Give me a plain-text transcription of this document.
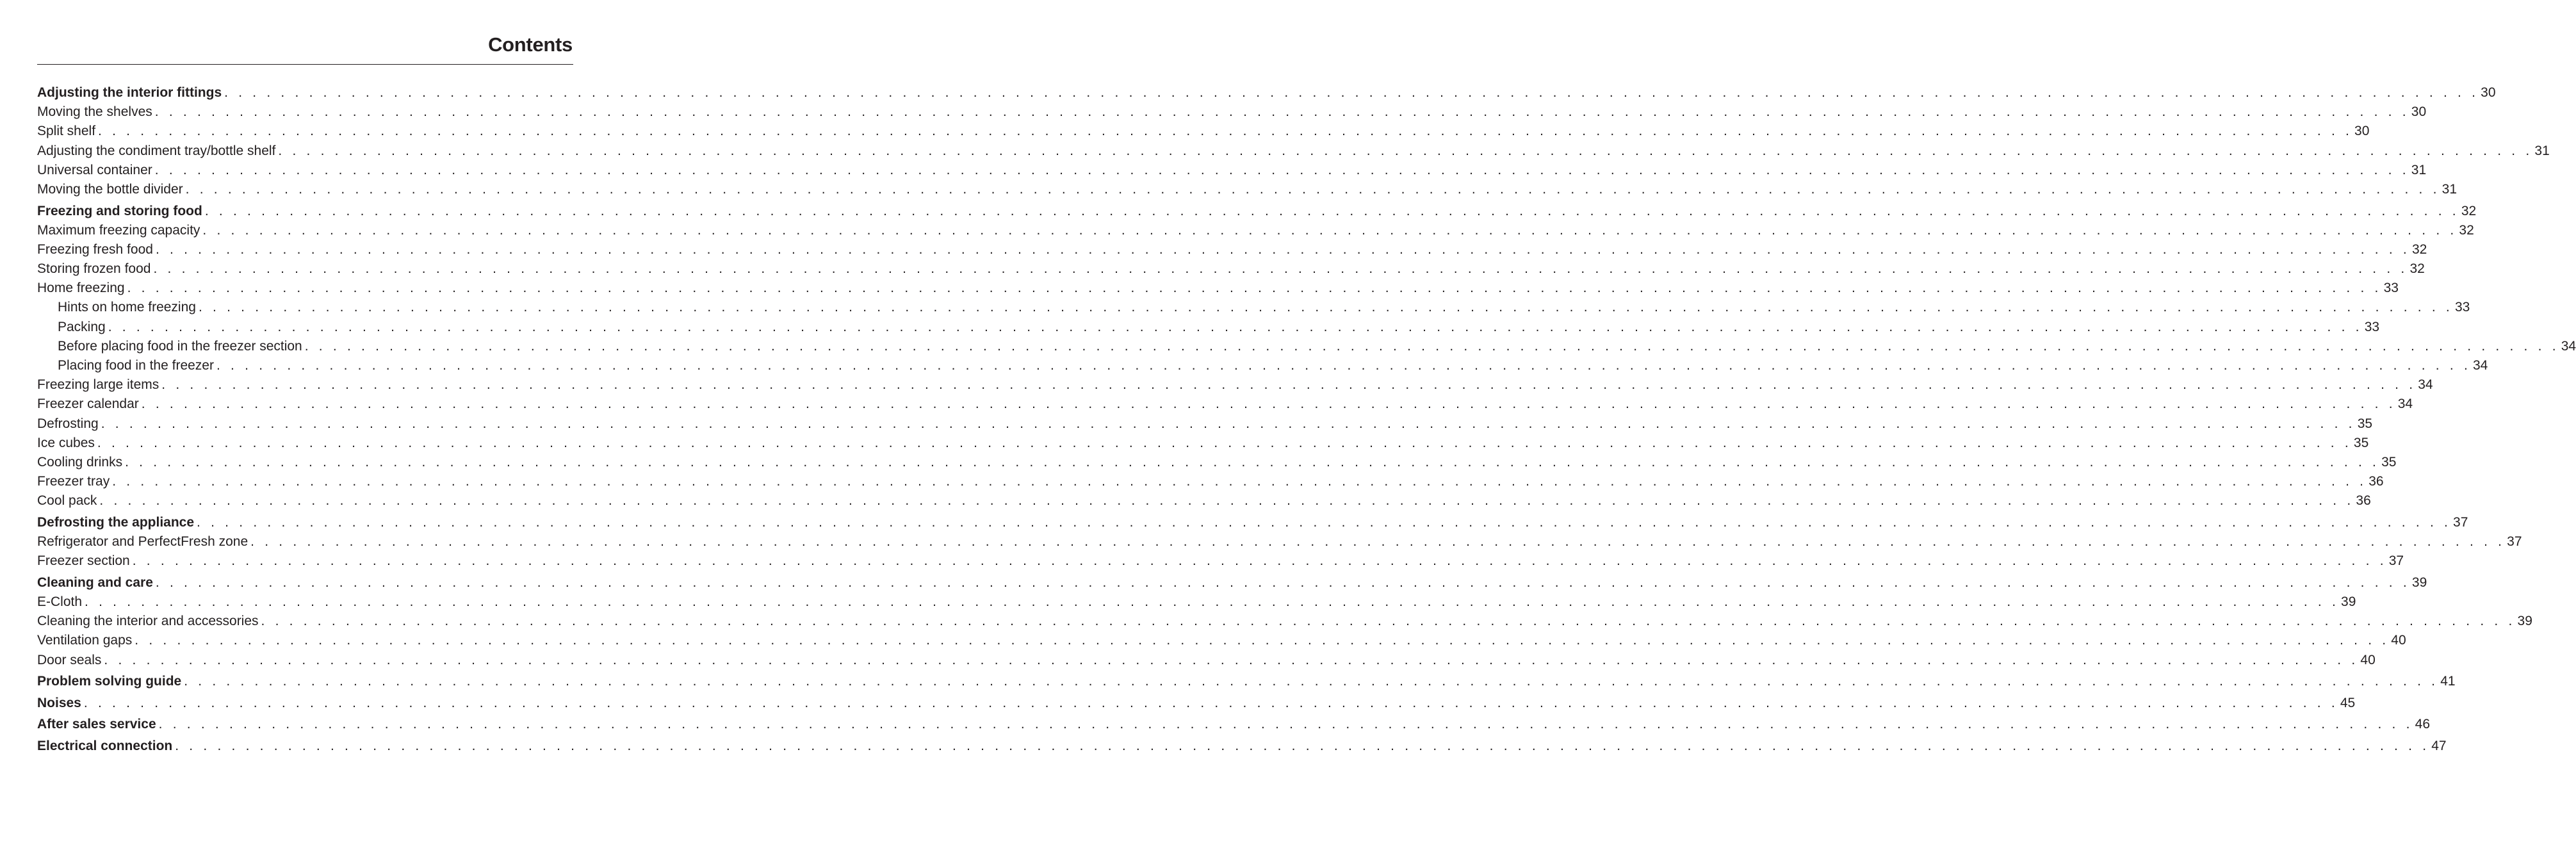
Contents
Adjusting the interior fittings . . . . . . . . . . . . . . . . . . . . . . . . . . . . . . . . . . . . . . . . . . . . . . . . . . . . . . . . . . . . . . . . . . . . . . . . . . . . . . . . . . . . . . . . . . . . . . . . . . . . . . . . . . . . . . . . . . . . . . . . . . . . . . . . . . . . . . . . . . . . . . . . . . . . . . . . . . . . . . . . 30
Moving the shelves . . . . . . . . . . . . . . . . . . . . . . . . . . . . . . . . . . . . . . . . . . . . . . . . . . . . . . . . . . . . . . . . . . . . . . . . . . . . . . . . . . . . . . . . . . . . . . . . . . . . . . . . . . . . . . . . . . . . . . . . . . . . . . . . . . . . . . . . . . . . . . . . . . . . . . . . . . . . . . . . 30
Split shelf . . . . . . . . . . . . . . . . . . . . . . . . . . . . . . . . . . . . . . . . . . . . . . . . . . . . . . . . . . . . . . . . . . . . . . . . . . . . . . . . . . . . . . . . . . . . . . . . . . . . . . . . . . . . . . . . . . . . . . . . . . . . . . . . . . . . . . . . . . . . . . . . . . . . . . . . . . . . . . . . 30
Adjusting the condiment tray/bottle shelf . . . . . . . . . . . . . . . . . . . . . . . . . . . . . . . . . . . . . . . . . . . . . . . . . . . . . . . . . . . . . . . . . . . . . . . . . . . . . . . . . . . . . . . . . . . . . . . . . . . . . . . . . . . . . . . . . . . . . . . . . . . . . . . . . . . . . . . . . . . . . . . . . . . . . . . . . . . . . . . . 31
Universal container . . . . . . . . . . . . . . . . . . . . . . . . . . . . . . . . . . . . . . . . . . . . . . . . . . . . . . . . . . . . . . . . . . . . . . . . . . . . . . . . . . . . . . . . . . . . . . . . . . . . . . . . . . . . . . . . . . . . . . . . . . . . . . . . . . . . . . . . . . . . . . . . . . . . . . . . . . . . . . . . 31
Moving the bottle divider . . . . . . . . . . . . . . . . . . . . . . . . . . . . . . . . . . . . . . . . . . . . . . . . . . . . . . . . . . . . . . . . . . . . . . . . . . . . . . . . . . . . . . . . . . . . . . . . . . . . . . . . . . . . . . . . . . . . . . . . . . . . . . . . . . . . . . . . . . . . . . . . . . . . . . . . . . . . . . . . 31
Freezing and storing food . . . . . . . . . . . . . . . . . . . . . . . . . . . . . . . . . . . . . . . . . . . . . . . . . . . . . . . . . . . . . . . . . . . . . . . . . . . . . . . . . . . . . . . . . . . . . . . . . . . . . . . . . . . . . . . . . . . . . . . . . . . . . . . . . . . . . . . . . . . . . . . . . . . . . . . . . . . . . . . . 32
Maximum freezing capacity . . . . . . . . . . . . . . . . . . . . . . . . . . . . . . . . . . . . . . . . . . . . . . . . . . . . . . . . . . . . . . . . . . . . . . . . . . . . . . . . . . . . . . . . . . . . . . . . . . . . . . . . . . . . . . . . . . . . . . . . . . . . . . . . . . . . . . . . . . . . . . . . . . . . . . . . . . . . . . . . 32
Freezing fresh food . . . . . . . . . . . . . . . . . . . . . . . . . . . . . . . . . . . . . . . . . . . . . . . . . . . . . . . . . . . . . . . . . . . . . . . . . . . . . . . . . . . . . . . . . . . . . . . . . . . . . . . . . . . . . . . . . . . . . . . . . . . . . . . . . . . . . . . . . . . . . . . . . . . . . . . . . . . . . . . . 32
Storing frozen food . . . . . . . . . . . . . . . . . . . . . . . . . . . . . . . . . . . . . . . . . . . . . . . . . . . . . . . . . . . . . . . . . . . . . . . . . . . . . . . . . . . . . . . . . . . . . . . . . . . . . . . . . . . . . . . . . . . . . . . . . . . . . . . . . . . . . . . . . . . . . . . . . . . . . . . . . . . . . . . . 32
Home freezing . . . . . . . . . . . . . . . . . . . . . . . . . . . . . . . . . . . . . . . . . . . . . . . . . . . . . . . . . . . . . . . . . . . . . . . . . . . . . . . . . . . . . . . . . . . . . . . . . . . . . . . . . . . . . . . . . . . . . . . . . . . . . . . . . . . . . . . . . . . . . . . . . . . . . . . . . . . . . . . . 33
Hints on home freezing . . . . . . . . . . . . . . . . . . . . . . . . . . . . . . . . . . . . . . . . . . . . . . . . . . . . . . . . . . . . . . . . . . . . . . . . . . . . . . . . . . . . . . . . . . . . . . . . . . . . . . . . . . . . . . . . . . . . . . . . . . . . . . . . . . . . . . . . . . . . . . . . . . . . . . . . . . . . . . . . 33
Packing . . . . . . . . . . . . . . . . . . . . . . . . . . . . . . . . . . . . . . . . . . . . . . . . . . . . . . . . . . . . . . . . . . . . . . . . . . . . . . . . . . . . . . . . . . . . . . . . . . . . . . . . . . . . . . . . . . . . . . . . . . . . . . . . . . . . . . . . . . . . . . . . . . . . . . . . . . . . . . . . 33
Before placing food in the freezer section . . . . . . . . . . . . . . . . . . . . . . . . . . . . . . . . . . . . . . . . . . . . . . . . . . . . . . . . . . . . . . . . . . . . . . . . . . . . . . . . . . . . . . . . . . . . . . . . . . . . . . . . . . . . . . . . . . . . . . . . . . . . . . . . . . . . . . . . . . . . . . . . . . . . . . . . . . . . . . . . 34
Placing food in the freezer . . . . . . . . . . . . . . . . . . . . . . . . . . . . . . . . . . . . . . . . . . . . . . . . . . . . . . . . . . . . . . . . . . . . . . . . . . . . . . . . . . . . . . . . . . . . . . . . . . . . . . . . . . . . . . . . . . . . . . . . . . . . . . . . . . . . . . . . . . . . . . . . . . . . . . . . . . . . . . . . 34
Freezing large items . . . . . . . . . . . . . . . . . . . . . . . . . . . . . . . . . . . . . . . . . . . . . . . . . . . . . . . . . . . . . . . . . . . . . . . . . . . . . . . . . . . . . . . . . . . . . . . . . . . . . . . . . . . . . . . . . . . . . . . . . . . . . . . . . . . . . . . . . . . . . . . . . . . . . . . . . . . . . . . . 34
Freezer calendar . . . . . . . . . . . . . . . . . . . . . . . . . . . . . . . . . . . . . . . . . . . . . . . . . . . . . . . . . . . . . . . . . . . . . . . . . . . . . . . . . . . . . . . . . . . . . . . . . . . . . . . . . . . . . . . . . . . . . . . . . . . . . . . . . . . . . . . . . . . . . . . . . . . . . . . . . . . . . . . . 34
Defrosting . . . . . . . . . . . . . . . . . . . . . . . . . . . . . . . . . . . . . . . . . . . . . . . . . . . . . . . . . . . . . . . . . . . . . . . . . . . . . . . . . . . . . . . . . . . . . . . . . . . . . . . . . . . . . . . . . . . . . . . . . . . . . . . . . . . . . . . . . . . . . . . . . . . . . . . . . . . . . . . . 35
Ice cubes . . . . . . . . . . . . . . . . . . . . . . . . . . . . . . . . . . . . . . . . . . . . . . . . . . . . . . . . . . . . . . . . . . . . . . . . . . . . . . . . . . . . . . . . . . . . . . . . . . . . . . . . . . . . . . . . . . . . . . . . . . . . . . . . . . . . . . . . . . . . . . . . . . . . . . . . . . . . . . . . 35
Cooling drinks . . . . . . . . . . . . . . . . . . . . . . . . . . . . . . . . . . . . . . . . . . . . . . . . . . . . . . . . . . . . . . . . . . . . . . . . . . . . . . . . . . . . . . . . . . . . . . . . . . . . . . . . . . . . . . . . . . . . . . . . . . . . . . . . . . . . . . . . . . . . . . . . . . . . . . . . . . . . . . . . 35
Freezer tray . . . . . . . . . . . . . . . . . . . . . . . . . . . . . . . . . . . . . . . . . . . . . . . . . . . . . . . . . . . . . . . . . . . . . . . . . . . . . . . . . . . . . . . . . . . . . . . . . . . . . . . . . . . . . . . . . . . . . . . . . . . . . . . . . . . . . . . . . . . . . . . . . . . . . . . . . . . . . . . . 36
Cool pack . . . . . . . . . . . . . . . . . . . . . . . . . . . . . . . . . . . . . . . . . . . . . . . . . . . . . . . . . . . . . . . . . . . . . . . . . . . . . . . . . . . . . . . . . . . . . . . . . . . . . . . . . . . . . . . . . . . . . . . . . . . . . . . . . . . . . . . . . . . . . . . . . . . . . . . . . . . . . . . . 36
Defrosting the appliance . . . . . . . . . . . . . . . . . . . . . . . . . . . . . . . . . . . . . . . . . . . . . . . . . . . . . . . . . . . . . . . . . . . . . . . . . . . . . . . . . . . . . . . . . . . . . . . . . . . . . . . . . . . . . . . . . . . . . . . . . . . . . . . . . . . . . . . . . . . . . . . . . . . . . . . . . . . . . . . . 37
Refrigerator and PerfectFresh zone . . . . . . . . . . . . . . . . . . . . . . . . . . . . . . . . . . . . . . . . . . . . . . . . . . . . . . . . . . . . . . . . . . . . . . . . . . . . . . . . . . . . . . . . . . . . . . . . . . . . . . . . . . . . . . . . . . . . . . . . . . . . . . . . . . . . . . . . . . . . . . . . . . . . . . . . . . . . . . . . 37
Freezer section . . . . . . . . . . . . . . . . . . . . . . . . . . . . . . . . . . . . . . . . . . . . . . . . . . . . . . . . . . . . . . . . . . . . . . . . . . . . . . . . . . . . . . . . . . . . . . . . . . . . . . . . . . . . . . . . . . . . . . . . . . . . . . . . . . . . . . . . . . . . . . . . . . . . . . . . . . . . . . . . 37
Cleaning and care . . . . . . . . . . . . . . . . . . . . . . . . . . . . . . . . . . . . . . . . . . . . . . . . . . . . . . . . . . . . . . . . . . . . . . . . . . . . . . . . . . . . . . . . . . . . . . . . . . . . . . . . . . . . . . . . . . . . . . . . . . . . . . . . . . . . . . . . . . . . . . . . . . . . . . . . . . . . . . . . 39
E-Cloth . . . . . . . . . . . . . . . . . . . . . . . . . . . . . . . . . . . . . . . . . . . . . . . . . . . . . . . . . . . . . . . . . . . . . . . . . . . . . . . . . . . . . . . . . . . . . . . . . . . . . . . . . . . . . . . . . . . . . . . . . . . . . . . . . . . . . . . . . . . . . . . . . . . . . . . . . . . . . . . . 39
Cleaning the interior and accessories . . . . . . . . . . . . . . . . . . . . . . . . . . . . . . . . . . . . . . . . . . . . . . . . . . . . . . . . . . . . . . . . . . . . . . . . . . . . . . . . . . . . . . . . . . . . . . . . . . . . . . . . . . . . . . . . . . . . . . . . . . . . . . . . . . . . . . . . . . . . . . . . . . . . . . . . . . . . . . . . 39
Ventilation gaps . . . . . . . . . . . . . . . . . . . . . . . . . . . . . . . . . . . . . . . . . . . . . . . . . . . . . . . . . . . . . . . . . . . . . . . . . . . . . . . . . . . . . . . . . . . . . . . . . . . . . . . . . . . . . . . . . . . . . . . . . . . . . . . . . . . . . . . . . . . . . . . . . . . . . . . . . . . . . . . . 40
Door seals . . . . . . . . . . . . . . . . . . . . . . . . . . . . . . . . . . . . . . . . . . . . . . . . . . . . . . . . . . . . . . . . . . . . . . . . . . . . . . . . . . . . . . . . . . . . . . . . . . . . . . . . . . . . . . . . . . . . . . . . . . . . . . . . . . . . . . . . . . . . . . . . . . . . . . . . . . . . . . . . 40
Problem solving guide . . . . . . . . . . . . . . . . . . . . . . . . . . . . . . . . . . . . . . . . . . . . . . . . . . . . . . . . . . . . . . . . . . . . . . . . . . . . . . . . . . . . . . . . . . . . . . . . . . . . . . . . . . . . . . . . . . . . . . . . . . . . . . . . . . . . . . . . . . . . . . . . . . . . . . . . . . . . . . . . 41
Noises . . . . . . . . . . . . . . . . . . . . . . . . . . . . . . . . . . . . . . . . . . . . . . . . . . . . . . . . . . . . . . . . . . . . . . . . . . . . . . . . . . . . . . . . . . . . . . . . . . . . . . . . . . . . . . . . . . . . . . . . . . . . . . . . . . . . . . . . . . . . . . . . . . . . . . . . . . . . . . . . 45
After sales service . . . . . . . . . . . . . . . . . . . . . . . . . . . . . . . . . . . . . . . . . . . . . . . . . . . . . . . . . . . . . . . . . . . . . . . . . . . . . . . . . . . . . . . . . . . . . . . . . . . . . . . . . . . . . . . . . . . . . . . . . . . . . . . . . . . . . . . . . . . . . . . . . . . . . . . . . . . . . . . . 46
Electrical connection . . . . . . . . . . . . . . . . . . . . . . . . . . . . . . . . . . . . . . . . . . . . . . . . . . . . . . . . . . . . . . . . . . . . . . . . . . . . . . . . . . . . . . . . . . . . . . . . . . . . . . . . . . . . . . . . . . . . . . . . . . . . . . . . . . . . . . . . . . . . . . . . . . . . . . . . . . . . . . . . 47
